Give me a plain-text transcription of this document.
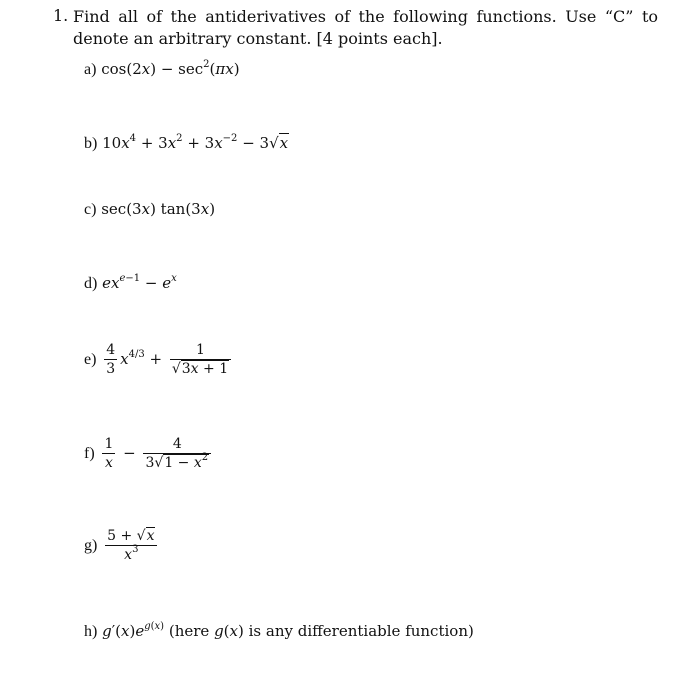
1. Find all of the antiderivatives of the following functions. Use “C” to denote an arbitrary constant. [4 points each].
a) $\cos(2x) - \sec^2(\pi x)$
b) $10x^4 + 3x^2 + 3x^{-2} - 3√x$
c) sec(3x) tan(3x)
d) $ex^{e-1} - e^x$
$e) \frac{4}{3} x^{4/3} + \frac{1}{√3x + 1}$
$f) \frac{1}{x} - \frac{4}{3√1 - x^2}$
$g) \frac{5 + √x}{x^3}$
h) $g'(x)e^{g(x)}$ (here g(x) is any differentiable function)
